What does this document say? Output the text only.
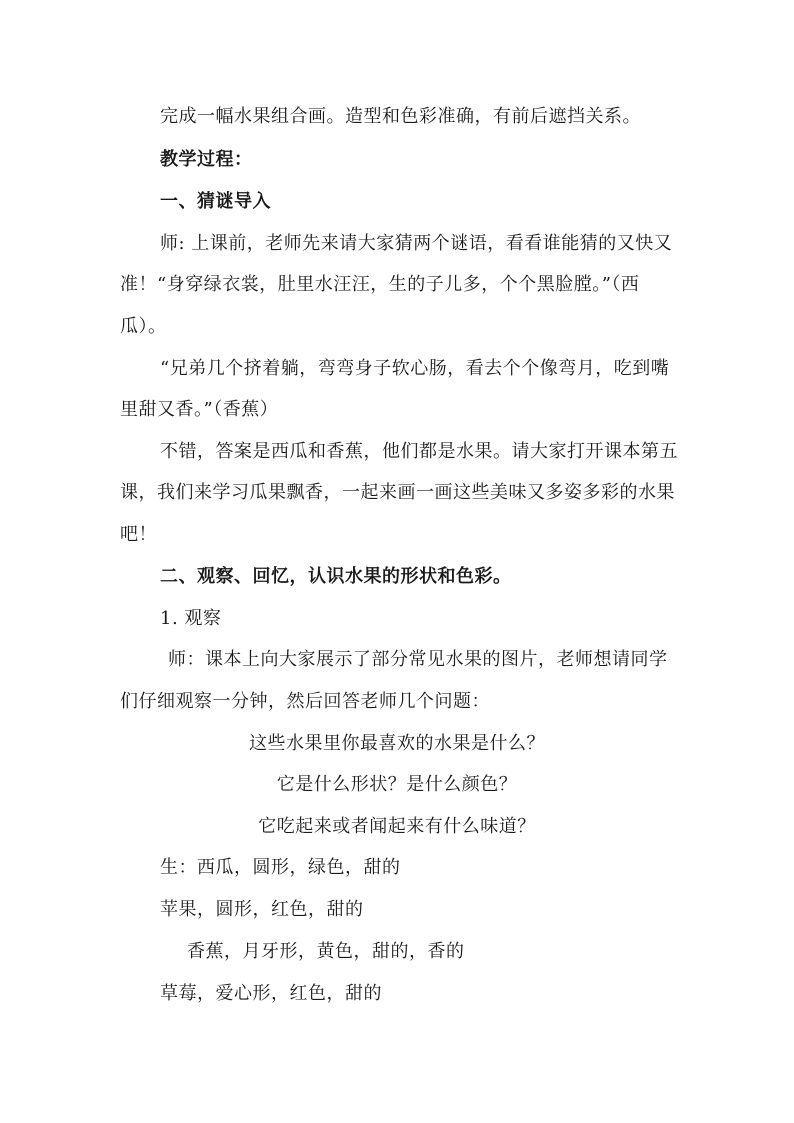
完成一幅水果组合画。造型和色彩准确，有前后遮挡关系。
教学过程：
一、猜谜导入
师: 上课前，老师先来请大家猜两个谜语，看看谁能猜的又快又
准！“身穿绿衣裳，肚里水汪汪，生的子儿多，个个黑脸膛。”（西
瓜）。
“兄弟几个挤着躺，弯弯身子软心肠，看去个个像弯月，吃到嘴
里甜又香。”（香蕉）
不错，答案是西瓜和香蕉，他们都是水果。请大家打开课本第五
课，我们来学习瓜果飘香，一起来画一画这些美味又多姿多彩的水果
吧！
二、观察、回忆，认识水果的形状和色彩。
1. 观察
师：课本上向大家展示了部分常见水果的图片，老师想请同学
们仔细观察一分钟，然后回答老师几个问题：
这些水果里你最喜欢的水果是什么？
它是什么形状？是什么颜色？
它吃起来或者闻起来有什么味道？
生：西瓜，圆形，绿色，甜的
苹果，圆形，红色，甜的
香蕉，月牙形，黄色，甜的，香的
草莓，爱心形，红色，甜的
